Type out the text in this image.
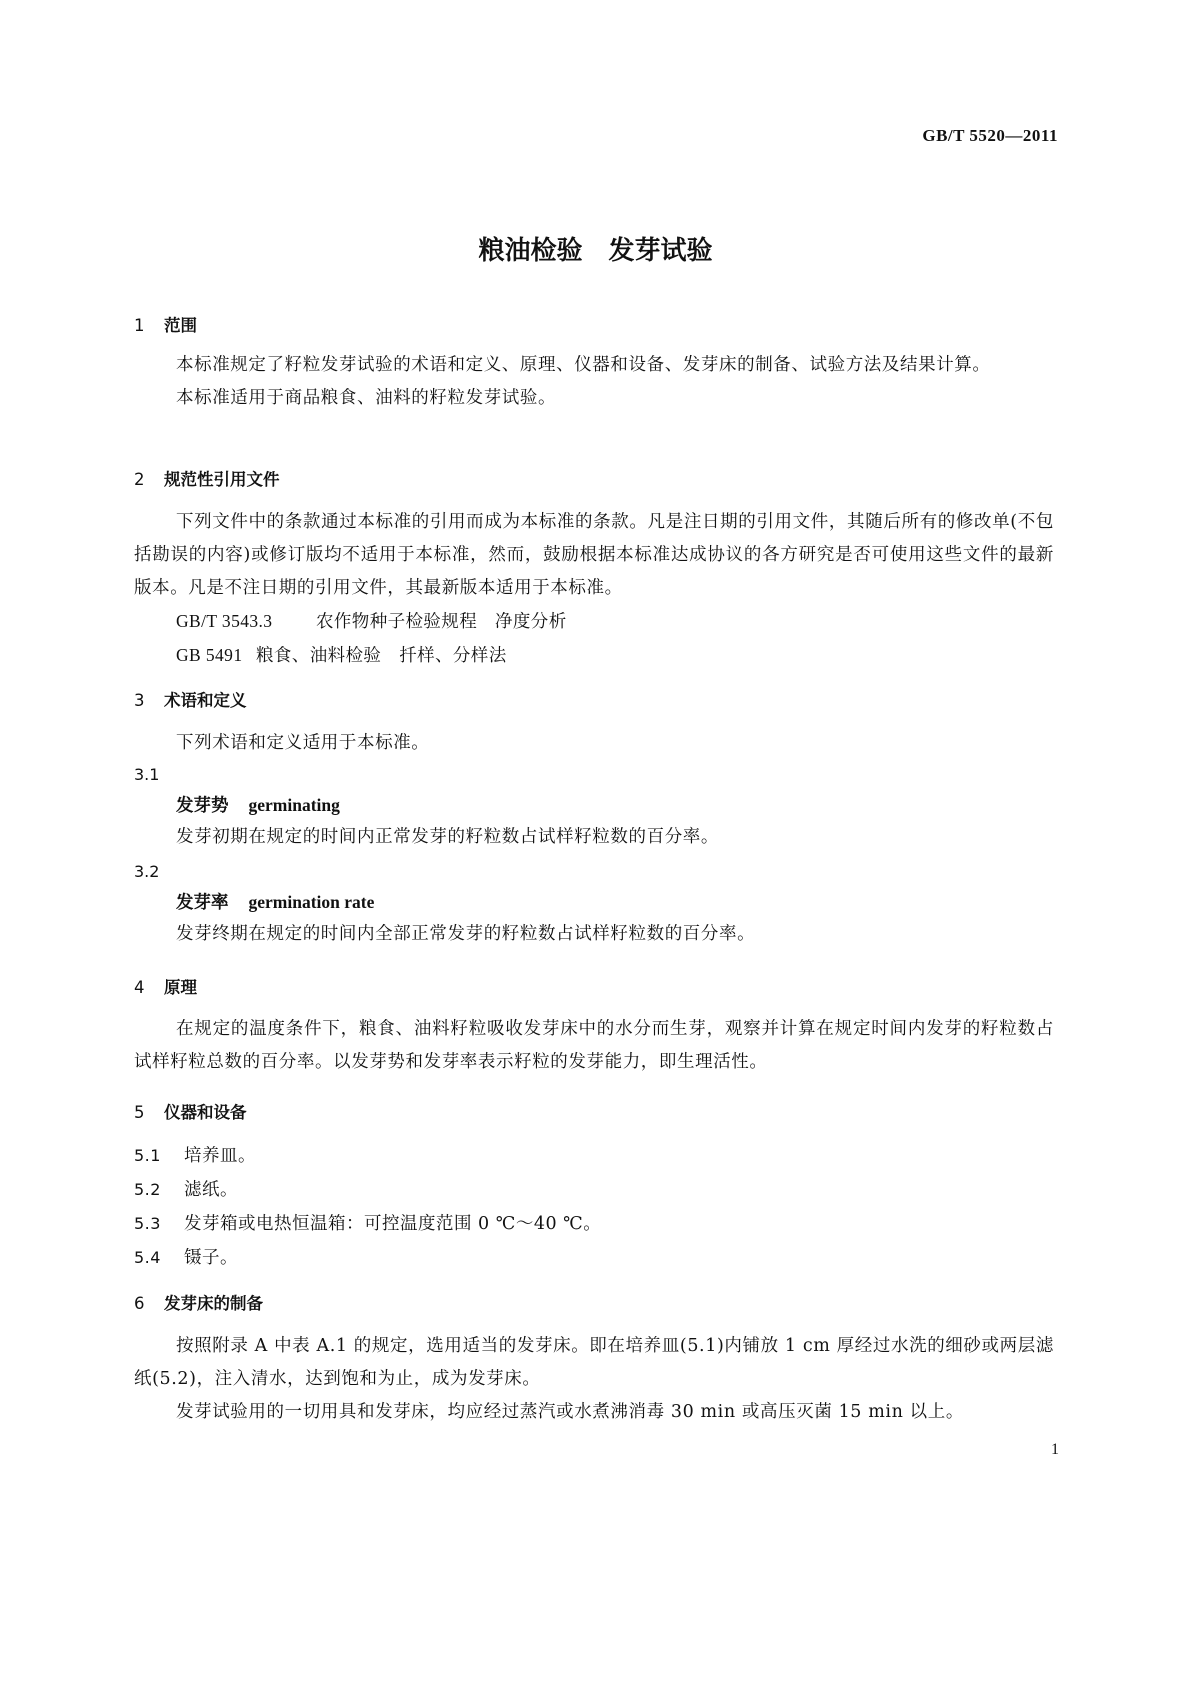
GB/T 5520—2011
粮油检验　发芽试验
1 范围

本标准规定了籽粒发芽试验的术语和定义、原理、仪器和设备、发芽床的制备、试验方法及结果计算。

本标准适用于商品粮食、油料的籽粒发芽试验。

2 规范性引用文件

下列文件中的条款通过本标准的引用而成为本标准的条款。凡是注日期的引用文件，其随后所有的修改单(不包括勘误的内容)或修订版均不适用于本标准，然而，鼓励根据本标准达成协议的各方研究是否可使用这些文件的最新版本。凡是不注日期的引用文件，其最新版本适用于本标准。

GB/T 3543.3 农作物种子检验规程　净度分析
GB 5491 粮食、油料检验　扦样、分样法
3 术语和定义

下列术语和定义适用于本标准。

3.1
发芽势 germinating
发芽初期在规定的时间内正常发芽的籽粒数占试样籽粒数的百分率。
3.2
发芽率 germination rate
发芽终期在规定的时间内全部正常发芽的籽粒数占试样籽粒数的百分率。
4 原理

在规定的温度条件下，粮食、油料籽粒吸收发芽床中的水分而生芽，观察并计算在规定时间内发芽的籽粒数占试样籽粒总数的百分率。以发芽势和发芽率表示籽粒的发芽能力，即生理活性。

5 仪器和设备
5.1 培养皿。
5.2 滤纸。
5.3 发芽箱或电热恒温箱：可控温度范围 0 ℃～40 ℃。
5.4 镊子。
6 发芽床的制备

按照附录 A 中表 A.1 的规定，选用适当的发芽床。即在培养皿(5.1)内铺放 1 cm 厚经过水洗的细砂或两层滤纸(5.2)，注入清水，达到饱和为止，成为发芽床。

发芽试验用的一切用具和发芽床，均应经过蒸汽或水煮沸消毒 30 min 或高压灭菌 15 min 以上。

1
